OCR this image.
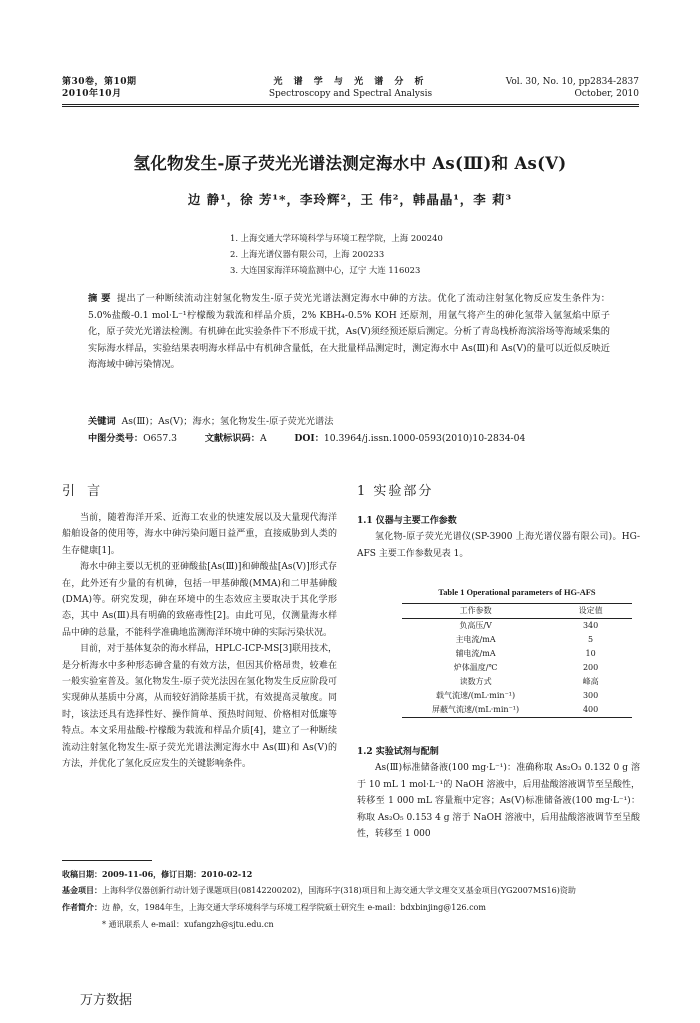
第30卷，第10期
2010年10月
光 谱 学 与 光 谱 分 析
Spectroscopy and Spectral Analysis
Vol. 30, No. 10, pp2834-2837
October, 2010
氢化物发生-原子荧光光谱法测定海水中 As(Ⅲ)和 As(Ⅴ)
边 静¹，徐 芳¹*，李玲辉²，王 伟²，韩晶晶¹，李 莉³
1. 上海交通大学环境科学与环境工程学院，上海 200240
2. 上海光谱仪器有限公司，上海 200233
3. 大连国家海洋环境监测中心，辽宁 大连 116023
摘 要 提出了一种断续流动注射氢化物发生-原子荧光光谱法测定海水中砷的方法。优化了流动注射氢化物反应发生条件为：5.0%盐酸-0.1 mol·L⁻¹柠檬酸为载流和样品介质，2% KBH₄-0.5% KOH 还原剂，用氩气将产生的砷化氢带入氩氢焰中原子化，原子荧光光谱法检测。有机砷在此实验条件下不形成干扰，As(Ⅴ)须经预还原后测定。分析了青岛栈桥海滨浴场等海域采集的实际海水样品，实验结果表明海水样品中有机砷含量低，在大批量样品测定时，测定海水中 As(Ⅲ)和 As(Ⅴ)的量可以近似反映近海海域中砷污染情况。
关键词 As(Ⅲ)；As(Ⅴ)；海水；氢化物发生-原子荧光光谱法
中图分类号：O657.3	文献标识码：A	DOI：10.3964/j.issn.1000-0593(2010)10-2834-04
引 言

当前，随着海洋开采、近海工农业的快速发展以及大量现代海洋船舶设备的使用等，海水中砷污染问题日益严重，直接威胁到人类的生存健康[1]。

海水中砷主要以无机的亚砷酸盐[As(Ⅲ)]和砷酸盐[As(Ⅴ)]形式存在，此外还有少量的有机砷，包括一甲基砷酸(MMA)和二甲基砷酸(DMA)等。研究发现，砷在环境中的生态效应主要取决于其化学形态，其中 As(Ⅲ)具有明确的致癌毒性[2]。由此可见，仅测量海水样品中砷的总量，不能科学准确地监测海洋环境中砷的实际污染状况。

目前，对于基体复杂的海水样品，HPLC-ICP-MS[3]联用技术，是分析海水中多种形态砷含量的有效方法，但因其价格昂贵，较难在一般实验室普及。氢化物发生-原子荧光法因在氢化物发生反应阶段可实现砷从基质中分离，从而较好消除基质干扰，有效提高灵敏度。同时，该法还具有选择性好、操作简单、预热时间短、价格相对低廉等特点。本文采用盐酸-柠檬酸为载流和样品介质[4]，建立了一种断续流动注射氢化物发生-原子荧光光谱法测定海水中 As(Ⅲ)和 As(Ⅴ)的方法，并优化了氢化反应发生的关键影响条件。

1 实验部分
1.1 仪器与主要工作参数

氢化物-原子荧光光谱仪(SP-3900 上海光谱仪器有限公司)。HG-AFS 主要工作参数见表 1。

Table 1 Operational parameters of HG-AFS
工作参数	设定值
负高压/V	340
主电流/mA	5
辅电流/mA	10
炉体温度/℃	200
读数方式	峰高
载气流速/(mL·min⁻¹)	300
屏蔽气流速/(mL·min⁻¹)	400
1.2 实验试剂与配制

As(Ⅲ)标准储备液(100 mg·L⁻¹)：准确称取 As₂O₃ 0.132 0 g 溶于 10 mL 1 mol·L⁻¹的 NaOH 溶液中，后用盐酸溶液调节至呈酸性，转移至 1 000 mL 容量瓶中定容；As(Ⅴ)标准储备液(100 mg·L⁻¹)：称取 As₂O₅ 0.153 4 g 溶于 NaOH 溶液中，后用盐酸溶液调节至呈酸性，转移至 1 000

收稿日期：2009-11-06，修订日期：2010-02-12
基金项目：上海科学仪器创新行动计划子课题项目(08142200202)，国海环字(318)项目和上海交通大学文理交叉基金项目(YG2007MS16)资助
作者简介：边 静，女，1984年生，上海交通大学环境科学与环境工程学院硕士研究生 e-mail：bdxbinjing@126.com
* 通讯联系人 e-mail：xufangzh@sjtu.edu.cn
万方数据
